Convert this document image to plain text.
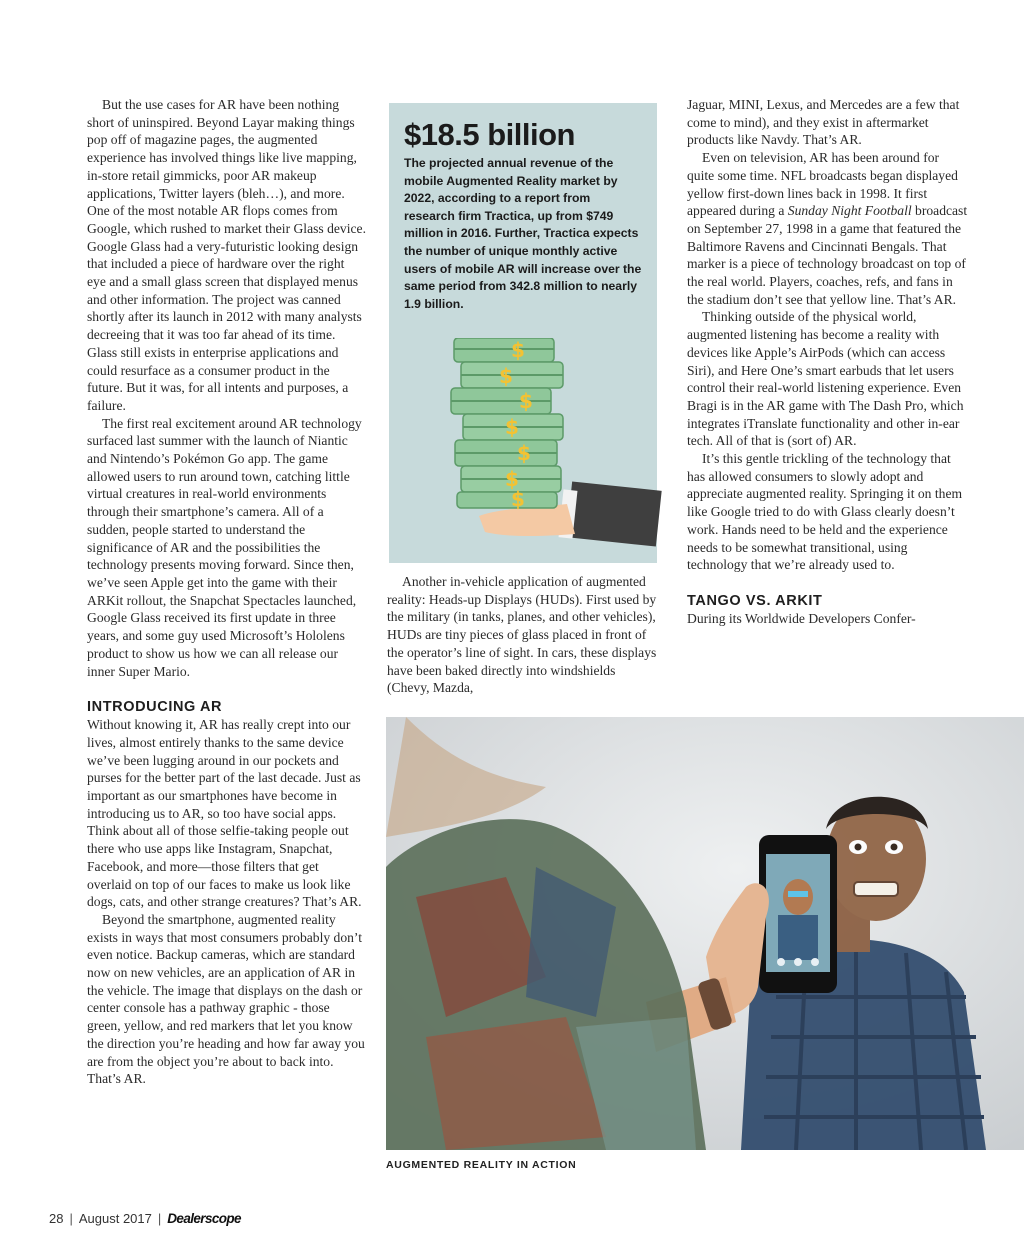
But the use cases for AR have been nothing short of uninspired. Beyond Layar making things pop off of magazine pages, the augmented experience has involved things like live mapping, in-store retail gimmicks, poor AR makeup applications, Twitter layers (bleh…), and more. One of the most notable AR flops comes from Google, which rushed to market their Glass device. Google Glass had a very-futuristic looking design that included a piece of hardware over the right eye and a small glass screen that displayed menus and other information. The project was canned shortly after its launch in 2012 with many analysts decreeing that it was too far ahead of its time. Glass still exists in enterprise applications and could resurface as a consumer product in the future. But it was, for all intents and purposes, a failure.

The first real excitement around AR technology surfaced last summer with the launch of Niantic and Nintendo’s Pokémon Go app. The game allowed users to run around town, catching little virtual creatures in real-world environments through their smartphone’s camera. All of a sudden, people started to understand the significance of AR and the possibilities the technology presents moving forward. Since then, we’ve seen Apple get into the game with their ARKit rollout, the Snapchat Spectacles launched, Google Glass received its first update in three years, and some guy used Microsoft’s Hololens product to show us how we can all release our inner Super Mario.

INTRODUCING AR

Without knowing it, AR has really crept into our lives, almost entirely thanks to the same device we’ve been lugging around in our pockets and purses for the better part of the last decade. Just as important as our smartphones have become in introducing us to AR, so too have social apps. Think about all of those selfie-taking people out there who use apps like Instagram, Snapchat, Facebook, and more—those filters that get overlaid on top of our faces to make us look like dogs, cats, and other strange creatures? That’s AR.

Beyond the smartphone, augmented reality exists in ways that most consumers probably don’t even notice. Backup cameras, which are standard now on new vehicles, are an application of AR in the vehicle. The image that displays on the dash or center console has a pathway graphic - those green, yellow, and red markers that let you know the direction you’re heading and how far away you are from the object you’re about to back into. That’s AR.

$18.5 billion
The projected annual revenue of the mobile Augmented Reality market by 2022, according to a report from research firm Tractica, up from $749 million in 2016. Further, Tractica expects the number of unique monthly active users of mobile AR will increase over the same period from 342.8 million to nearly 1.9 billion.
$
$
$
$
$
$
$

Another in-vehicle application of augmented reality: Heads-up Displays (HUDs). First used by the military (in tanks, planes, and other vehicles), HUDs are tiny pieces of glass placed in front of the operator’s line of sight. In cars, these displays have been baked directly into windshields (Chevy, Mazda,

Jaguar, MINI, Lexus, and Mercedes are a few that come to mind), and they exist in aftermarket products like Navdy. That’s AR.

Even on television, AR has been around for quite some time. NFL broadcasts began displayed yellow first-down lines back in 1998. It first appeared during a Sunday Night Football broadcast on September 27, 1998 in a game that featured the Baltimore Ravens and Cincinnati Bengals. That marker is a piece of technology broadcast on top of the real world. Players, coaches, refs, and fans in the stadium don’t see that yellow line. That’s AR.

Thinking outside of the physical world, augmented listening has become a reality with devices like Apple’s AirPods (which can access Siri), and Here One’s smart earbuds that let users control their real-world listening experience. Even Bragi is in the AR game with The Dash Pro, which integrates iTranslate functionality and other in-ear tech. All of that is (sort of) AR.

It’s this gentle trickling of the technology that has allowed consumers to slowly adopt and appreciate augmented reality. Springing it on them like Google tried to do with Glass clearly doesn’t work. Hands need to be held and the experience needs to be somewhat transitional, using technology that we’re already used to.

TANGO VS. ARKIT

During its Worldwide Developers Confer-

AUGMENTED REALITY IN ACTION
28 | August 2017 | Dealerscope
